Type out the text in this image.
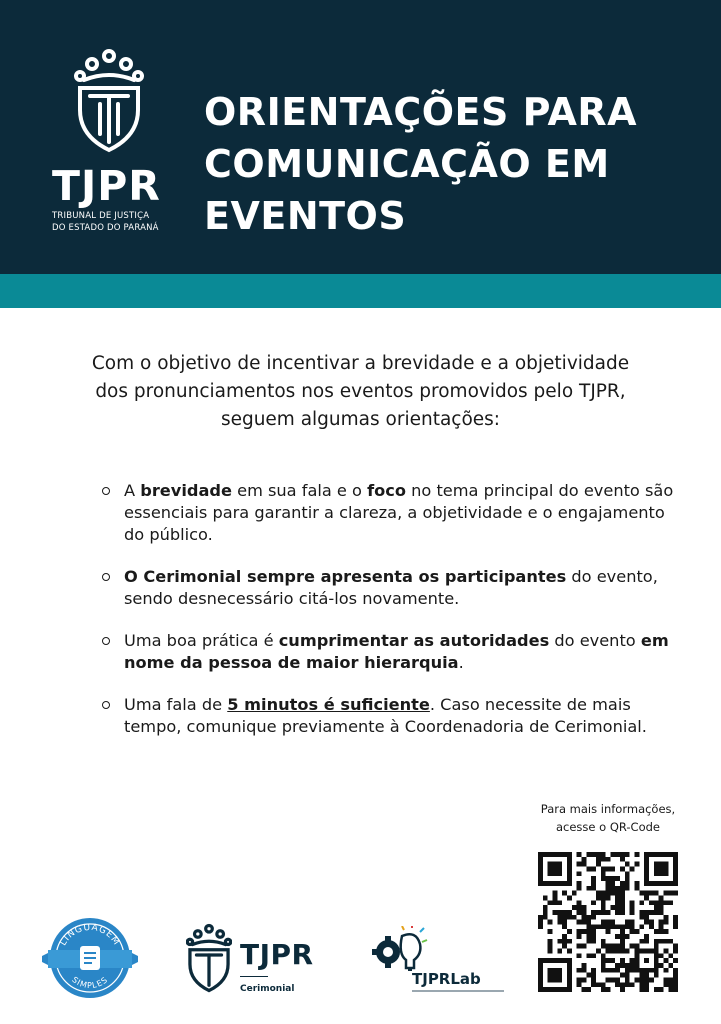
TJPR
TRIBUNAL DE JUSTIÇA
DO ESTADO DO PARANÁ
ORIENTAÇÕES PARA
COMUNICAÇÃO EM
EVENTOS
Com o objetivo de incentivar a brevidade e a objetividade
dos pronunciamentos nos eventos promovidos pelo TJPR,
seguem algumas orientações:
A brevidade em sua fala e o foco no tema principal do evento são essenciais para garantir a clareza, a objetividade e o engajamento do público.
O Cerimonial sempre apresenta os participantes do evento, sendo desnecessário citá-los novamente.
Uma boa prática é cumprimentar as autoridades do evento em nome da pessoa de maior hierarquia.
Uma fala de 5 minutos é suficiente. Caso necessite de mais tempo, comunique previamente à Coordenadoria de Cerimonial.
Para mais informações,
acesse o QR-Code
LINGUAGEM
SIMPLES
TJPR
Cerimonial
TJPRLab
